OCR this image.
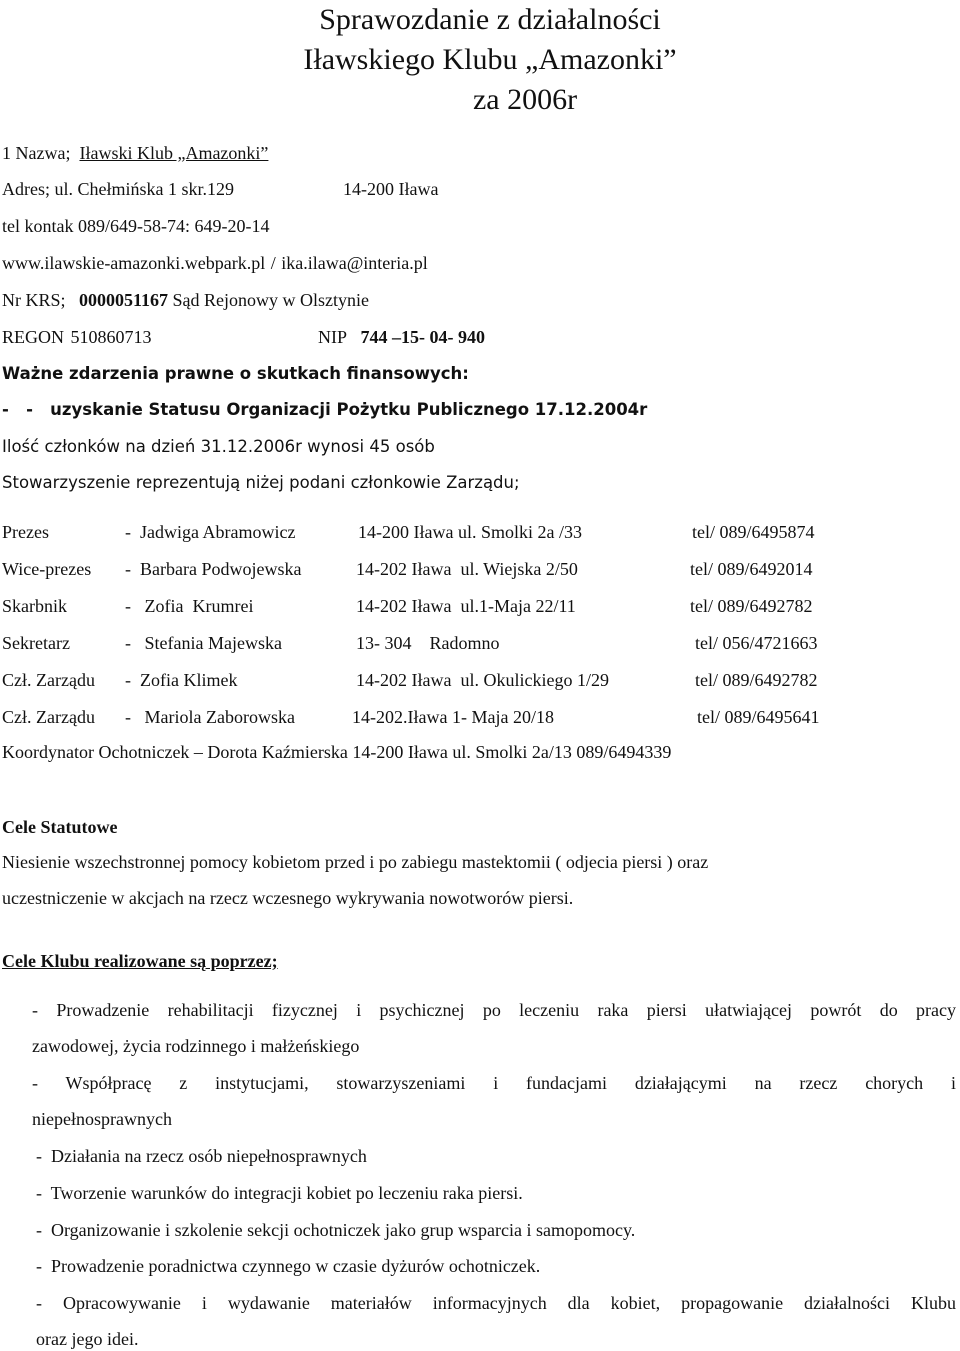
Sprawozdanie z działalności
Iławskiego Klubu „Amazonki”
za 2006r
1 Nazwa; Iławski Klub „Amazonki”
Adres; ul. Chełmińska 1 skr.129	14-200 Iława
tel kontak 089/649-58-74: 649-20-14
www.ilawskie-amazonki.webpark.pl / ika.ilawa@interia.pl
Nr KRS; 0000051167 Sąd Rejonowy w Olsztynie
REGON 510860713	NIP 744 –15- 04- 940
Ważne zdarzenia prawne o skutkach finansowych:
-   -   uzyskanie Statusu Organizacji Pożytku Publicznego 17.12.2004r
Ilość członków na dzień 31.12.2006r wynosi 45 osób
Stowarzyszenie reprezentują niżej podani członkowie Zarządu;
Prezes	-  Jadwiga Abramowicz	14-200 Iława ul. Smolki 2a /33	tel/ 089/6495874
Wice-prezes -  Barbara Podwojewska	14-202 Iława  ul. Wiejska 2/50	tel/ 089/6492014
Skarbnik	-   Zofia  Krumrei	14-202 Iława  ul.1-Maja 22/11	tel/ 089/6492782
Sekretarz	-   Stefania Majewska	13- 304    Radomno	tel/ 056/4721663
Czł. Zarządu -  Zofia Klimek	14-202 Iława  ul. Okulickiego 1/29	tel/ 089/6492782
Czł. Zarządu -   Mariola Zaborowska	14-202.Iława 1- Maja 20/18	tel/ 089/6495641
Koordynator Ochotniczek – Dorota Kaźmierska 14-200 Iława ul. Smolki 2a/13 089/6494339
Cele Statutowe
Niesienie wszechstronnej pomocy kobietom przed i po zabiegu mastektomii ( odjecia piersi ) oraz
uczestniczenie w akcjach na rzecz wczesnego wykrywania nowotworów piersi.
Cele Klubu realizowane są poprzez;
- Prowadzenie rehabilitacji fizycznej i psychicznej po leczeniu raka piersi ułatwiającej powrót do pracy
zawodowej, życia rodzinnego i małżeńskiego
- Współpracę z instytucjami, stowarzyszeniami i fundacjami działającymi na rzecz chorych i
niepełnosprawnych
-  Działania na rzecz osób niepełnosprawnych
-  Tworzenie warunków do integracji kobiet po leczeniu raka piersi.
-  Organizowanie i szkolenie sekcji ochotniczek jako grup wsparcia i samopomocy.
-  Prowadzenie poradnictwa czynnego w czasie dyżurów ochotniczek.
- Opracowywanie i wydawanie materiałów informacyjnych dla kobiet, propagowanie działalności Klubu
oraz jego idei.
